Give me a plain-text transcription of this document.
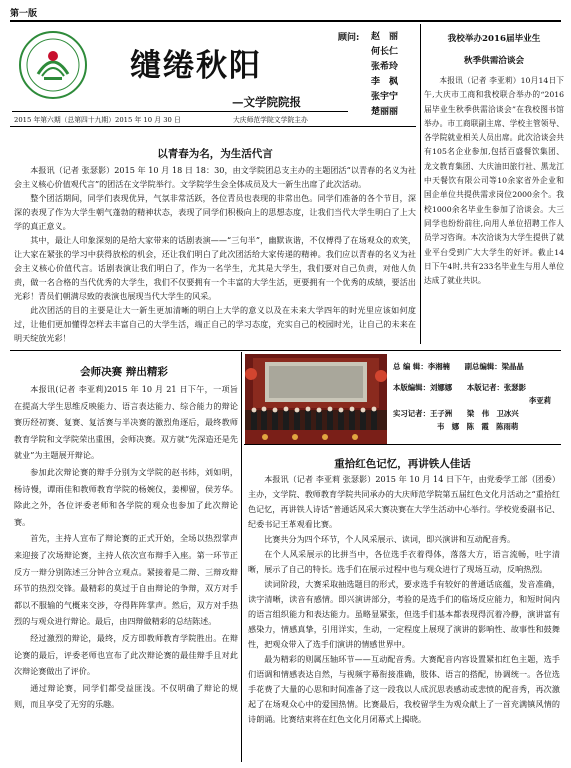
第一版
缱绻秋阳
—文学院院报
2015 年第六期（总第四十九期）2015 年 10 月 30 日	大庆师范学院文学院主办
顾问: 赵　丽
何长仁
张希玲
李　枫
张宇宁
楚丽丽
我校举办2016届毕业生
秋季供需洽谈会

本报讯（记者 李亚莉）10月14日下午,大庆市工商和我校联合举办的“2016届毕业生秋季供需洽谈会”在我校图书馆举办。市工商联副主席、学校主管领导、各学院就业相关人员出席。此次洽谈会共有105名企业参加,包括百盛餐饮集团、龙文教育集团、大庆油田旅行社、黑龙江中天餐饮有限公司等10余家省外企业和国企单位共提供需求岗位2000余个。我校1000余名毕业生参加了洽谈会。大三同学也纷纷前往,向用人单位招聘工作人员学习咨询。本次洽谈为大学生提供了就业平台受到广大大学生的好评。截止14日下午4时,共有233名毕业生与用人单位达成了就业共识。

以青春为名，为生活代言

本报讯（记者 张瑟影）2015 年 10 月 18 日 18：30，由文学院团总支主办的主题团活“以青春的名义为社会主义核心价值观代言”的团活在文学院举行。文学院学生会全体成员及大一新生出席了此次活动。

整个团活期间，同学们表现优异，气氛非常活跃，各位青员也表现的非常出色。同学们准备的各个节目，深深的表现了作为大学生朝气蓬勃的精神状态，表现了同学们积极向上的思想态度，让我们当代大学生明白了上大学的真正意义。

其中，最让人印象深刻的是给大家带来的话剧表演——“三句半”，幽默诙谐，不仅傅得了在场观众的欢笑，让大家在紧张的学习中获得放松的机会，还让我们明白了此次团活给大家传递的精神。我们应以青春的名义为社会主义核心价值代言。话剧表演让我们明白了，作为一名学生，尤其是大学生，我们要对自己负责，对他人负责，做一名合格的当代优秀的大学生，我们不仅要拥有一个丰富的大学生活，更要拥有一个优秀的成绩，要活出光彩！青员们朝满尽致的表演也展现当代大学生的风采。

此次团活的目的主要是让大一新生更加清晰的明白上大学的意义以及在未来大学四年的时光里应该如何度过，让他们更加懂得怎样去丰富自己的大学生活，端正自己的学习态度，充实自己的校园时光，让自己的未来在明天绽放光彩！

会师决赛 辩出精彩

本报讯(记者 李亚莉)2015 年 10 月 21 日下午，一项旨在提高大学生思维反映能力、语言表达能力、综合能力的辩论赛历经初赛、复赛、复活赛与半决赛的激烈角逐后，最终教师教育学院和文学院荣出重围，会师决赛。双方就“先深造还是先就业”为主题展开辩论。

参加此次辩论赛的辩手分别为文学院的赵书炜，刘如明，杨诗慢，谭雨佳和教师教育学院的杨婉仪，姜柳留，侯芳华。除此之外，各位评委老师和各学院的观众也参加了此次辩论赛。

首先，主持人宣布了辩论赛的正式开始，全场以热烈掌声来迎接了次场辩论赛，主持人依次宣布辩手入座。第一环节正反方一辩分别陈述三分钟合立观点。紧接着是二辩、三辩攻辩环节的热烈交锋。最精彩的莫过于自由辩论的争辩，双方对手都以不服输的气概来交涉，夺得阵阵掌声。然后，双方对手热烈的与观众进行辩论。最后，由四辩做精彩的总结陈述。

经过激烈的辩论，最终，反方即教师教育学院胜出。在辩论赛的最后，评委老师也宣布了此次辩论赛的最佳辩手且对此次辩论赛做出了评价。

通过辩论赛，同学们都受益匪浅。不仅明确了辩论的规则，而且享受了无穷的乐趣。

总 编 辑：李湘楠　　副总编辑：梁晶晶
本版编辑：刘娜娜　　本版记者：张瑟影
李亚莉
实习记者：王子洲　　梁　伟　卫冰兴
韦　娜　陈　霞　陈雨萌
重拾红色记忆，再讲铁人佳话

本报讯（记者 李亚莉 张瑟影）2015 年 10 月 14 日下午，由党委学工部（团委）主办，文学院、教师教育学院共同承办的大庆师范学院第五届红色文化月活动之“重拾红色记忆，再讲铁人诗话”普通话风采大赛决赛在大学生活动中心举行。学校党委副书记、纪委书记王革观看比赛。

比赛共分为四个环节，个人风采展示、读词，即兴演讲和互动配音秀。

在个人风采展示的比拼当中，各位选手衣着得体，落落大方，语言流畅，吐字清晰，展示了自己的特长。选手们在展示过程中也与观众进行了现场互动，反响热烈。

读词阶段，大赛采取抽选题目的形式，要求选手有较好的普通话底蕴，发音准确，读字清晰，读音有感情。即兴演讲部分，考验的是选手们的临场反应能力，和短时间内的语言组织能力和表达能力。虽略显紧张，但选手们基本都表现得沉着冷静，演讲富有感染力，情感真挚，引用详实，生动，一定程度上展现了演讲的影响性、故事性和鼓舞性，把观众带入了选手们演讲的情感世界中。

最为精彩的则属压轴环节——互动配音秀。大赛配音内容设置紧扣红色主题，选手们语调和情感表达自然，与视频字幕衔接准确，肢体、语言的搭配，协调统一。各位选手花费了大量的心思和时间准备了这一段我以人成沉思表感动或悲愤的配音秀，再次激起了在场观众心中的爱国热情。比赛最后，我校留学生为观众献上了一首充满镇风情的诗朗诵。比赛结束将在红色文化月闭幕式上揭晓。
